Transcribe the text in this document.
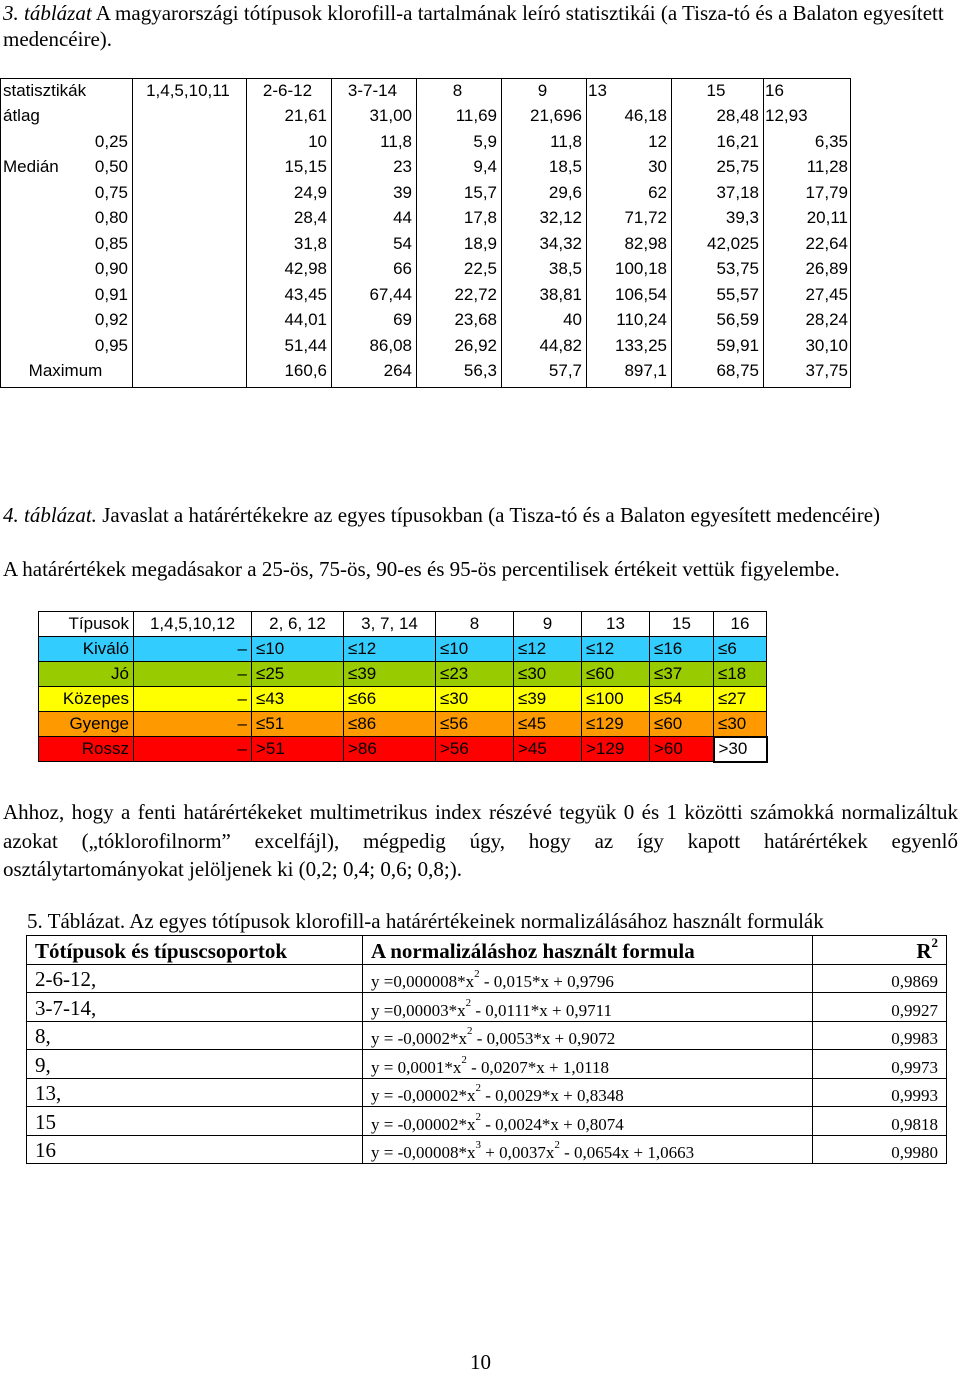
3. táblázat A magyarországi tótípusok klorofill-a tartalmának leíró statisztikái (a Tisza-tó és a Balaton egyesített medencéire).
statisztikák	1,4,5,10,11	2-6-12	3-7-14	8	9	13	15	16
átlag		21,61	31,00	11,69	21,696	46,18	28,48	12,93
0,25		10	11,8	5,9	11,8	12	16,21	6,35
Medián 0,50		15,15	23	9,4	18,5	30	25,75	11,28
0,75		24,9	39	15,7	29,6	62	37,18	17,79
0,80		28,4	44	17,8	32,12	71,72	39,3	20,11
0,85		31,8	54	18,9	34,32	82,98	42,025	22,64
0,90		42,98	66	22,5	38,5	100,18	53,75	26,89
0,91		43,45	67,44	22,72	38,81	106,54	55,57	27,45
0,92		44,01	69	23,68	40	110,24	56,59	28,24
0,95		51,44	86,08	26,92	44,82	133,25	59,91	30,10
Maximum		160,6	264	56,3	57,7	897,1	68,75	37,75
4. táblázat. Javaslat a határértékekre az egyes típusokban (a Tisza-tó és a Balaton egyesített medencéire)
A határértékek megadásakor a 25-ös, 75-ös, 90-es és 95-ös percentilisek értékeit vettük figyelembe.
Típusok	1,4,5,10,12	2, 6, 12	3, 7, 14	8	9	13	15	16
Kiváló	–	≤10	≤12	≤10	≤12	≤12	≤16	≤6
Jó	–	≤25	≤39	≤23	≤30	≤60	≤37	≤18
Közepes	–	≤43	≤66	≤30	≤39	≤100	≤54	≤27
Gyenge	–	≤51	≤86	≤56	≤45	≤129	≤60	≤30
Rossz	–	>51	>86	>56	>45	>129	>60	>30
Ahhoz, hogy a fenti határértékeket multimetrikus index részévé tegyük 0 és 1 közötti számokká normalizáltuk azokat („tóklorofilnorm” excelfájl), mégpedig úgy, hogy az így kapott határértékek egyenlő osztálytartományokat jelöljenek ki (0,2; 0,4; 0,6; 0,8;).
5. Táblázat. Az egyes tótípusok klorofill-a határértékeinek normalizálásához használt formulák
Tótípusok és típuscsoportok	A normalizáláshoz használt formula	$R^2$
2-6-12,	$y =0,000008*x^2 - 0,015*x + 0,9796$	0,9869
3-7-14,	$y =0,00003*x^2 - 0,0111*x + 0,9711$	0,9927
8,	$y = -0,0002*x^2 - 0,0053*x + 0,9072$	0,9983
9,	$y = 0,0001*x^2 - 0,0207*x + 1,0118$	0,9973
13,	$y = -0,00002*x^2 - 0,0029*x + 0,8348$	0,9993
15	$y = -0,00002*x^2 - 0,0024*x + 0,8074$	0,9818
16	$y = -0,00008*x^3 + 0,0037x^2 - 0,0654x + 1,0663$	0,9980
10
